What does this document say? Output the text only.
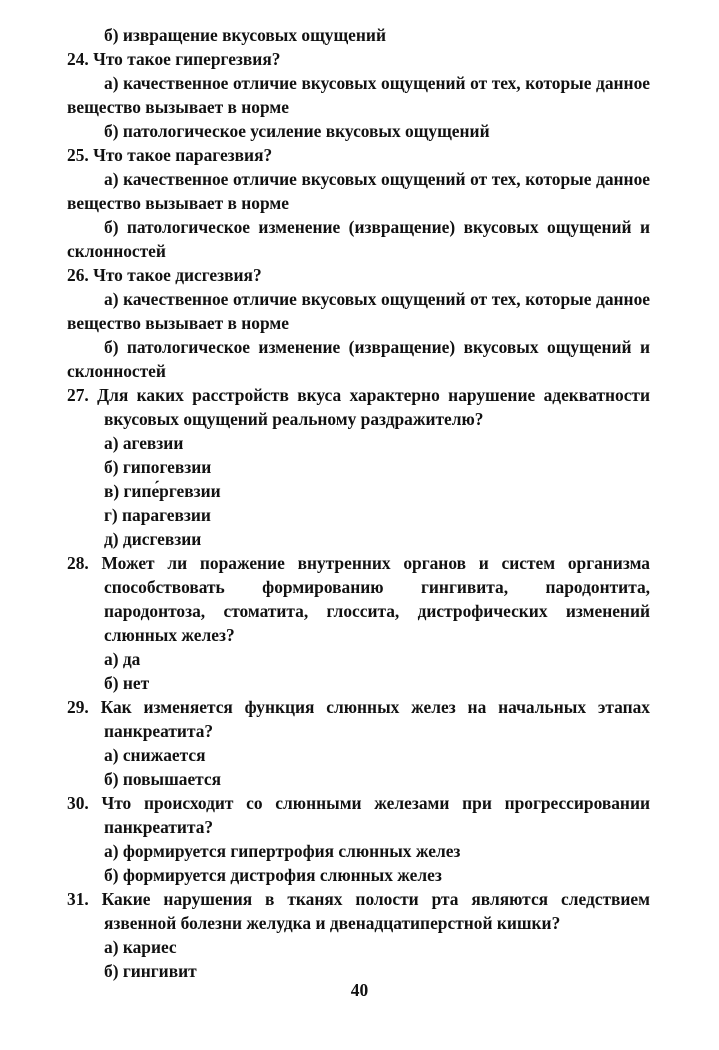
б) извращение вкусовых ощущений
24. Что такое гипергезвия?
а) качественное отличие вкусовых ощущений от тех, которые данное
вещество вызывает в норме
б) патологическое усиление вкусовых ощущений
25. Что такое парагезвия?
а) качественное отличие вкусовых ощущений от тех, которые данное
вещество вызывает в норме
б) патологическое изменение (извращение) вкусовых ощущений и
склонностей
26. Что такое дисгезвия?
а) качественное отличие вкусовых ощущений от тех, которые данное
вещество вызывает в норме
б) патологическое изменение (извращение) вкусовых ощущений и
склонностей
27. Для каких расстройств вкуса характерно нарушение адекватности
вкусовых ощущений реальному раздражителю?
а) агевзии
б) гипогевзии
в) гипе́ргевзии
г) парагевзии
д) дисгевзии
28. Может ли поражение внутренних органов и систем организма
способствовать формированию гингивита, пародонтита,
пародонтоза, стоматита, глоссита, дистрофических изменений
слюнных желез?
а) да
б) нет
29. Как изменяется функция слюнных желез на начальных этапах
панкреатита?
а) снижается
б) повышается
30. Что происходит со слюнными железами при прогрессировании
панкреатита?
а) формируется гипертрофия слюнных желез
б) формируется дистрофия слюнных желез
31. Какие нарушения в тканях полости рта являются следствием
язвенной болезни желудка и двенадцатиперстной кишки?
а) кариес
б) гингивит
40
